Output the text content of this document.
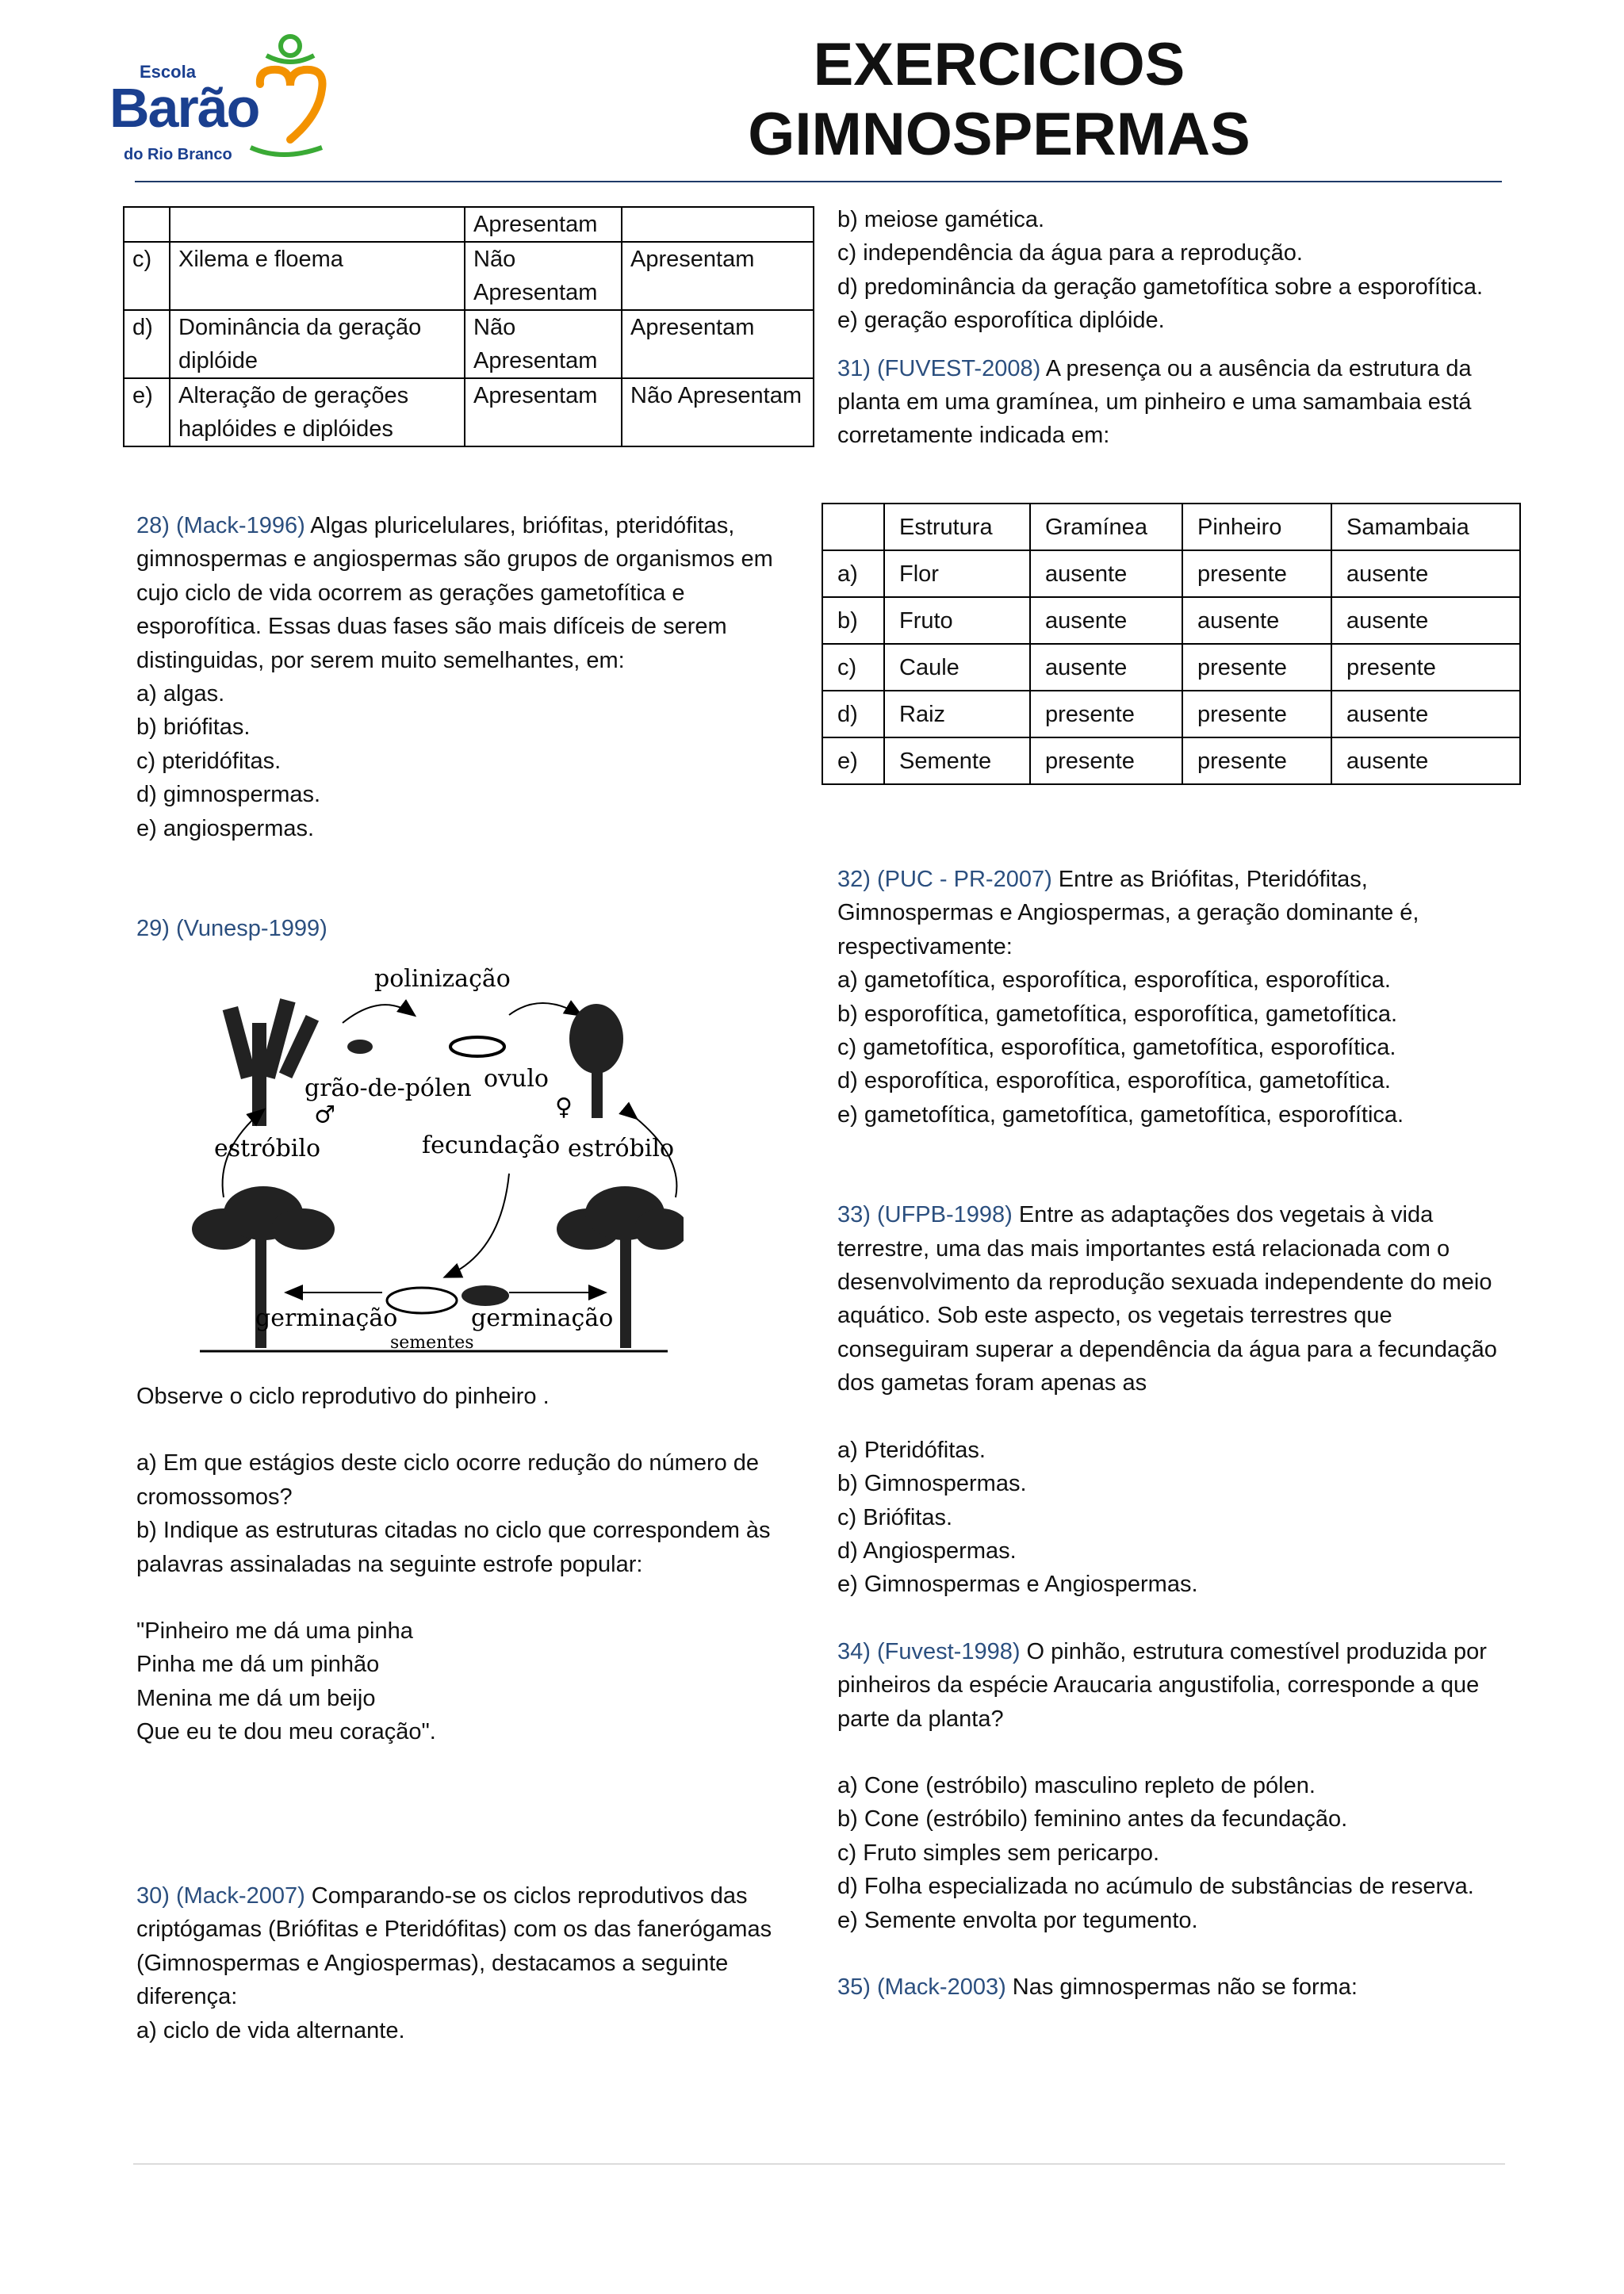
Escola
Barão
do Rio Branco
EXERCICIOS
GIMNOSPERMAS
		Apresentam	
c)	Xilema e floema	Não Apresentam	Apresentam
d)	Dominância da geração diplóide	Não Apresentam	Apresentam
e)	Alteração de gerações haplóides e diplóides	Apresentam	Não Apresentam

28) (Mack-1996) Algas pluricelulares, briófitas, pteridófitas, gimnospermas e angiospermas são grupos de organismos em cujo ciclo de vida ocorrem as gerações gametofítica e esporofítica. Essas duas fases são mais difíceis de serem distinguidas, por serem muito semelhantes, em:

a) algas.

b) briófitas.

c) pteridófitas.

d) gimnospermas.

e) angiospermas.

29) (Vunesp-1999)

polinização
grão-de-pólen ovulo
♂	♀
estróbilo	fecundação estróbilo
germinação	germinação
sementes

Observe o ciclo reprodutivo do pinheiro .

a) Em que estágios deste ciclo ocorre redução do número de cromossomos?

b) Indique as estruturas citadas no ciclo que correspondem às palavras assinaladas na seguinte estrofe popular:

"Pinheiro me dá uma pinha

Pinha me dá um pinhão

Menina me dá um beijo

Que eu te dou meu coração".

30) (Mack-2007) Comparando-se os ciclos reprodutivos das criptógamas (Briófitas e Pteridófitas) com os das fanerógamas (Gimnospermas e Angiospermas), destacamos a seguinte diferença:

a) ciclo de vida alternante.

b) meiose gamética.

c) independência da água para a reprodução.

d) predominância da geração gametofítica sobre a esporofítica.

e) geração esporofítica diplóide.

31) (FUVEST-2008) A presença ou a ausência da estrutura da planta em uma gramínea, um pinheiro e uma samambaia está corretamente indicada em:

	Estrutura	Gramínea	Pinheiro	Samambaia
a)	Flor	ausente	presente	ausente
b)	Fruto	ausente	ausente	ausente
c)	Caule	ausente	presente	presente
d)	Raiz	presente	presente	ausente
e)	Semente	presente	presente	ausente

32) (PUC - PR-2007) Entre as Briófitas, Pteridófitas, Gimnospermas e Angiospermas, a geração dominante é, respectivamente:

a) gametofítica, esporofítica, esporofítica, esporofítica.

b) esporofítica, gametofítica, esporofítica, gametofítica.

c) gametofítica, esporofítica, gametofítica, esporofítica.

d) esporofítica, esporofítica, esporofítica, gametofítica.

e) gametofítica, gametofítica, gametofítica, esporofítica.

33) (UFPB-1998) Entre as adaptações dos vegetais à vida terrestre, uma das mais importantes está relacionada com o desenvolvimento da reprodução sexuada independente do meio aquático. Sob este aspecto, os vegetais terrestres que conseguiram superar a dependência da água para a fecundação dos gametas foram apenas as

a) Pteridófitas.

b) Gimnospermas.

c) Briófitas.

d) Angiospermas.

e) Gimnospermas e Angiospermas.

34) (Fuvest-1998) O pinhão, estrutura comestível produzida por pinheiros da espécie Araucaria angustifolia, corresponde a que parte da planta?

a) Cone (estróbilo) masculino repleto de pólen.

b) Cone (estróbilo) feminino antes da fecundação.

c) Fruto simples sem pericarpo.

d) Folha especializada no acúmulo de substâncias de reserva.

e) Semente envolta por tegumento.

35) (Mack-2003) Nas gimnospermas não se forma:
